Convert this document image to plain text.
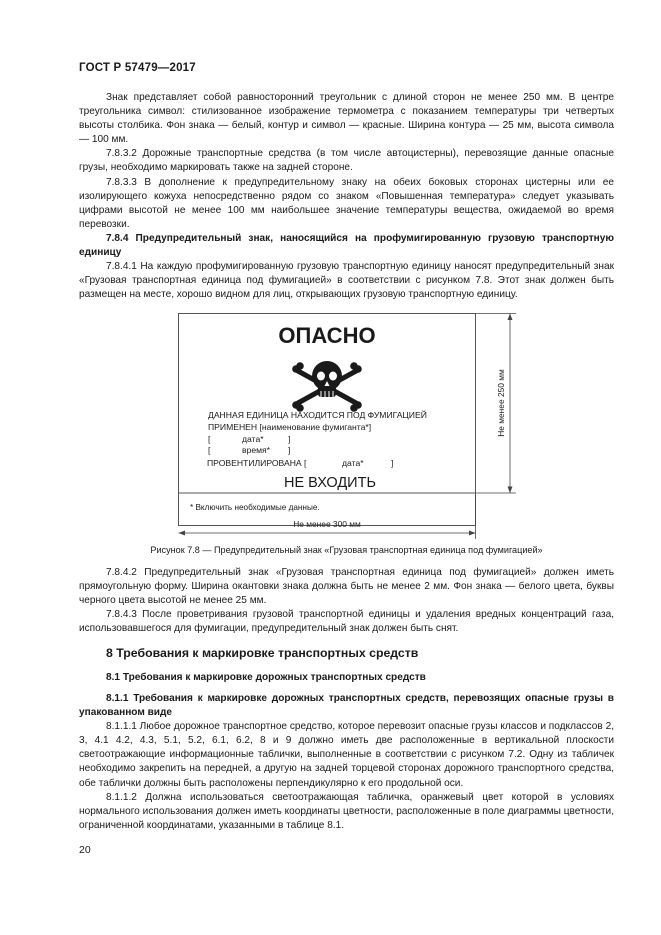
ГОСТ Р 57479—2017

Знак представляет собой равносторонний треугольник с длиной сторон не менее 250 мм. В центре треугольника символ: стилизованное изображение термометра с показанием температуры три четвертых высоты столбика. Фон знака — белый, контур и символ — красные. Ширина контура — 25 мм, высота символа — 100 мм.

7.8.3.2 Дорожные транспортные средства (в том числе автоцистерны), перевозящие данные опасные грузы, необходимо маркировать также на задней стороне.

7.8.3.3 В дополнение к предупредительному знаку на обеих боковых сторонах цистерны или ее изолирующего кожуха непосредственно рядом со знаком «Повышенная температура» следует указывать цифрами высотой не менее 100 мм наибольшее значение температуры вещества, ожидаемой во время перевозки.

7.8.4 Предупредительный знак, наносящийся на профумигированную грузовую транспортную единицу

7.8.4.1 На каждую профумигированную грузовую транспортную единицу наносят предупредительный знак «Грузовая транспортная единица под фумигацией» в соответствии с рисунком 7.8. Этот знак должен быть размещен на месте, хорошо видном для лиц, открывающих грузовую транспортную единицу.

ОПАСНО
ДАННАЯ ЕДИНИЦА НАХОДИТСЯ ПОД ФУМИГАЦИЕЙ
ПРИМЕНЕН [наименование фумиганта*]
[	дата*	]
[	время* ]
ПРОВЕНТИЛИРОВАНА [	дата*	]
НЕ ВХОДИТЬ
* Включить необходимые данные.
Не менее 300 мм
Не менее 250 мм
Рисунок 7.8 — Предупредительный знак «Грузовая транспортная единица под фумигацией»

7.8.4.2 Предупредительный знак «Грузовая транспортная единица под фумигацией» должен иметь прямоугольную форму. Ширина окантовки знака должна быть не менее 2 мм. Фон знака — белого цвета, буквы черного цвета высотой не менее 25 мм.

7.8.4.3 После проветривания грузовой транспортной единицы и удаления вредных концентраций газа, использовавшегося для фумигации, предупредительный знак должен быть снят.

8 Требования к маркировке транспортных средств
8.1 Требования к маркировке дорожных транспортных средств

8.1.1 Требования к маркировке дорожных транспортных средств, перевозящих опасные грузы в упакованном виде

8.1.1.1 Любое дорожное транспортное средство, которое перевозит опасные грузы классов и подклассов 2, 3, 4.1 4.2, 4.3, 5.1, 5.2, 6.1, 6.2, 8 и 9 должно иметь две расположенные в вертикальной плоскости светоотражающие информационные таблички, выполненные в соответствии с рисунком 7.2. Одну из табличек необходимо закрепить на передней, а другую на задней торцевой сторонах дорожного транспортного средства, обе таблички должны быть расположены перпендикулярно к его продольной оси.

8.1.1.2 Должна использоваться светоотражающая табличка, оранжевый цвет которой в условиях нормального использования должен иметь координаты цветности, расположенные в поле диаграммы цветности, ограниченной координатами, указанными в таблице 8.1.

20
